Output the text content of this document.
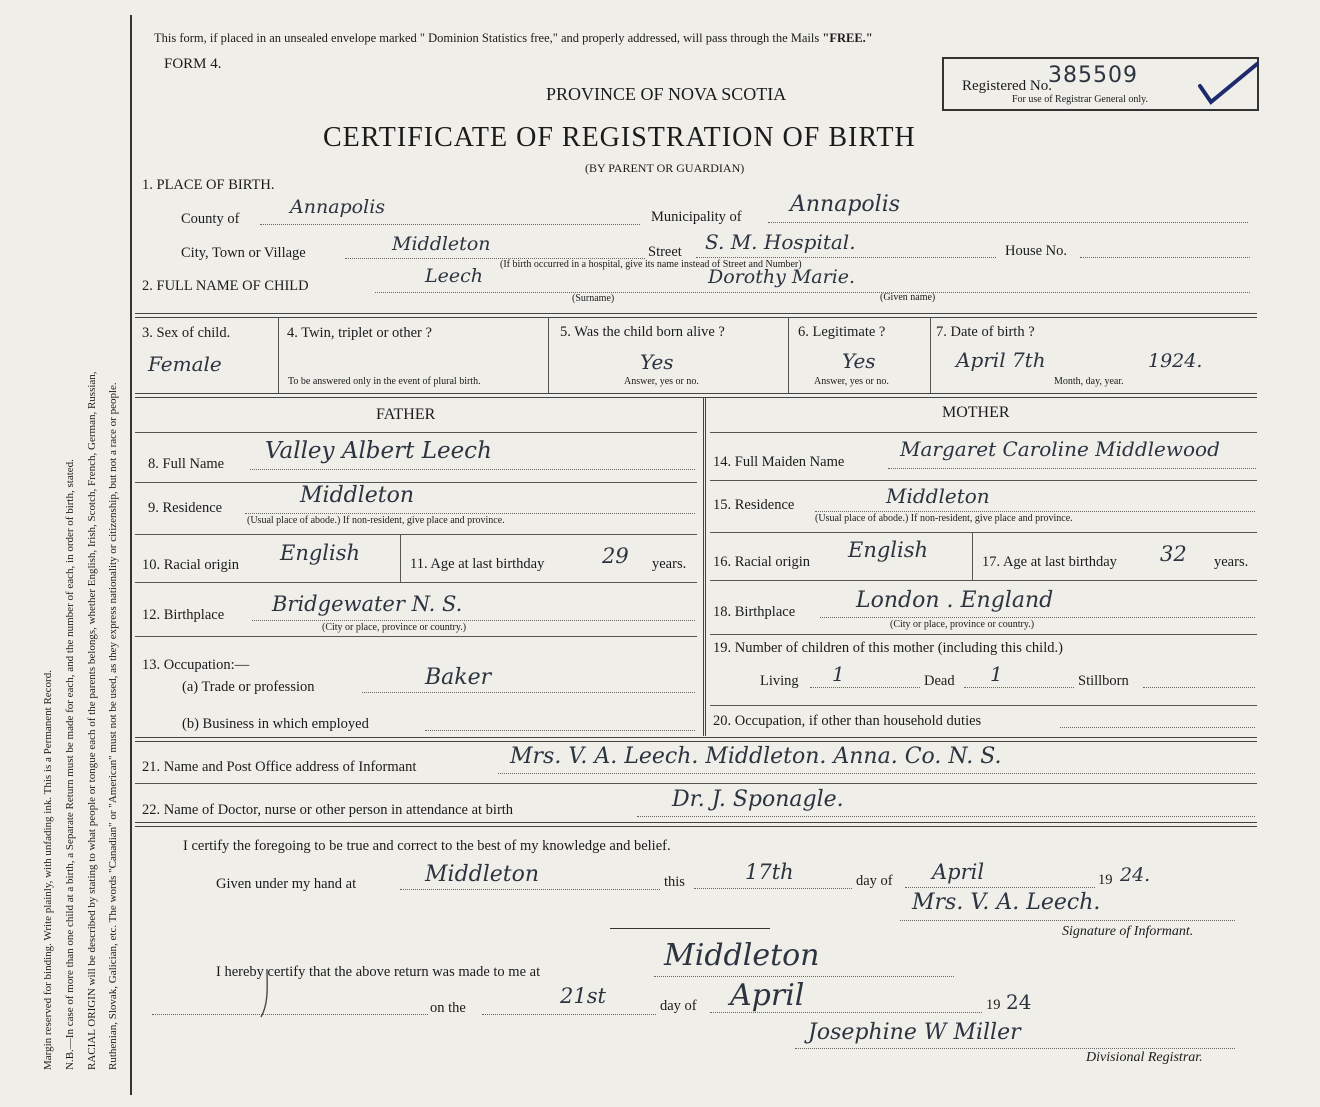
Margin reserved for binding. Write plainly, with unfading ink. This is a Permanent Record. N.B.—In case of more than one child at a birth, a Separate Return must be made for each, and the number of each, in order of birth, stated. RACIAL ORIGIN will be described by stating to what people or tongue each of the parents belongs, whether English, Irish, Scotch, French, German, Russian, Ruthenian, Slovak, Galician, etc. The words "Canadian" or "American" must not be used, as they express nationality or citizenship, but not a race or people.
This form, if placed in an unsealed envelope marked " Dominion Statistics free," and properly addressed, will pass through the Mails "FREE."
FORM 4.
PROVINCE OF NOVA SCOTIA
CERTIFICATE OF REGISTRATION OF BIRTH
(BY PARENT OR GUARDIAN)
Registered No.
385509
For use of Registrar General only.
1. PLACE OF BIRTH.
County of
Annapolis	Municipality of Annapolis
City, Town or Village	Middleton	Street S. M. Hospital.	House No.
(If birth occurred in a hospital, give its name instead of Street and Number)
2. FULL NAME OF CHILD	Leech	Dorothy Marie.
(Surname)	(Given name)
3. Sex of child.
Female
4. Twin, triplet or other ?
To be answered only in the event of plural birth.
5. Was the child born alive ?
Yes
Answer, yes or no.
6. Legitimate ?
Yes
Answer, yes or no.
7. Date of birth ?
April 7th	1924.
Month, day, year.
FATHER	MOTHER
8. Full Name Valley Albert Leech
9. Residence	Middleton
(Usual place of abode.) If non-resident, give place and province.
10. Racial origin English	11. Age at last birthday	29 years.
12. Birthplace Bridgewater N. S.
(City or place, province or country.)
13. Occupation:—
(a) Trade or profession	Baker
(b) Business in which employed
14. Full Maiden Name
Margaret Caroline Middlewood
15. Residence	Middleton
(Usual place of abode.) If non-resident, give place and province.
16. Racial origin English	17. Age at last birthday 32 years.
18. Birthplace	London . England
(City or place, province or country.)
19. Number of children of this mother (including this child.)
Living 1	Dead 1	Stillborn
20. Occupation, if other than household duties
21. Name and Post Office address of Informant	Mrs. V. A. Leech. Middleton. Anna. Co. N. S.
22. Name of Doctor, nurse or other person in attendance at birth	Dr. J. Sponagle.
I certify the foregoing to be true and correct to the best of my knowledge and belief.
Given under my hand at	Middleton	this	17th	day of April	19 24.
Mrs. V. A. Leech.
Signature of Informant.
I hereby certify that the above return was made to me at	Middleton
on the	21st	day of April	19 24
Josephine W Miller
Divisional Registrar.
